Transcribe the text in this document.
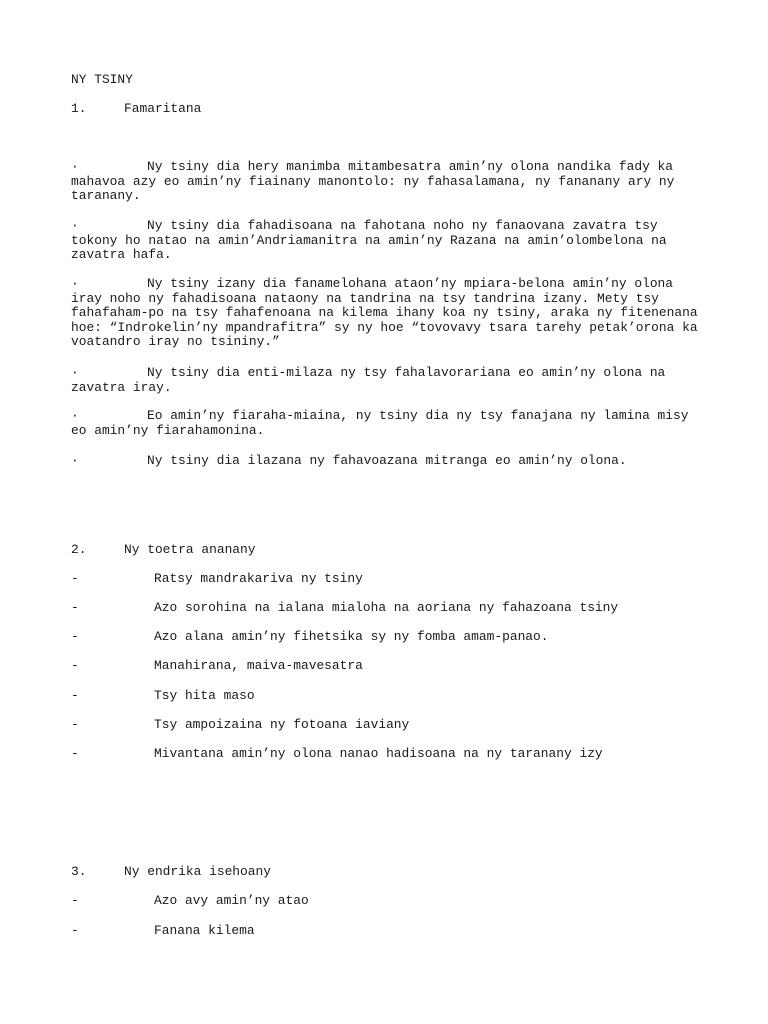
NY TSINY
1.	Famaritana
·	Ny tsiny dia hery manimba mitambesatra amin’ny olona nandika fady ka mahavoa azy eo amin’ny fiainany manontolo: ny fahasalamana, ny fananany ary ny taranany.
·	Ny tsiny dia fahadisoana na fahotana noho ny fanaovana zavatra tsy tokony ho natao na amin’Andriamanitra na amin’ny Razana na amin’olombelona na zavatra hafa.
·	Ny tsiny izany dia fanamelohana ataon’ny mpiara-belona amin’ny olona iray noho ny fahadisoana nataony na tandrina na tsy tandrina izany. Mety tsy fahafaham-po na tsy fahafenoana na kilema ihany koa ny tsiny, araka ny fitenenana hoe: “Indrokelin’ny mpandrafitra” sy ny hoe “tovovavy tsara tarehy petak’orona ka voatandro iray no tsininy.”
·	Ny tsiny dia enti-milaza ny tsy fahalavorariana eo amin’ny olona na zavatra iray.
·	Eo amin’ny fiaraha-miaina, ny tsiny dia ny tsy fanajana ny lamina misy eo amin’ny fiarahamonina.
·	Ny tsiny dia ilazana ny fahavoazana mitranga eo amin’ny olona.
2.	Ny toetra ananany
-	Ratsy mandrakariva ny tsiny
-	Azo sorohina na ialana mialoha na aoriana ny fahazoana tsiny
-	Azo alana amin’ny fihetsika sy ny fomba amam-panao.
-	Manahirana, maiva-mavesatra
-	Tsy hita maso
-	Tsy ampoizaina ny fotoana iaviany
-	Mivantana amin’ny olona nanao hadisoana na ny taranany izy
3.	Ny endrika isehoany
-	Azo avy amin’ny atao
-	Fanana kilema
